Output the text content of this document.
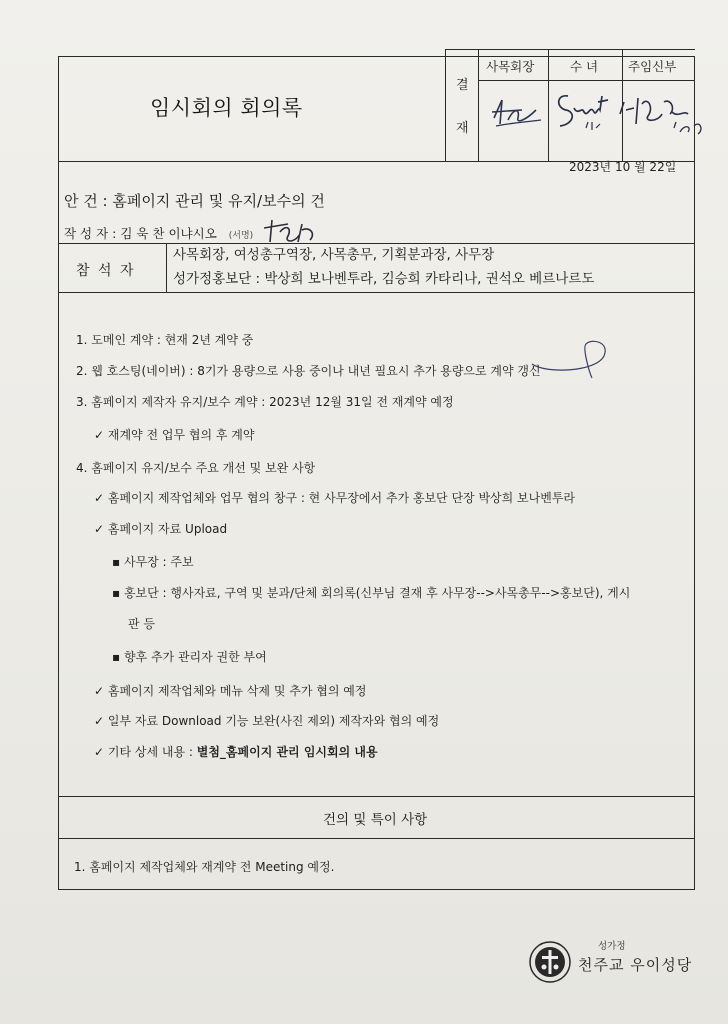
임시회의 회의록
결
재
사목회장	수 녀 주임신부
2023년 10 월 22일
안 건 : 홈페이지 관리 및 유지/보수의 건
작 성 자 : 김 욱 찬 이냐시오 (서명)
참 석 자
사목회장, 여성총구역장, 사목총무, 기획분과장, 사무장
성가정홍보단 : 박상희 보나벤투라, 김승희 카타리나, 권석오 베르나르도
1. 도메인 계약 : 현재 2년 계약 중
2. 웹 호스팅(네이버) : 8기가 용량으로 사용 중이나 내년 필요시 추가 용량으로 계약 갱신
3. 홈페이지 제작자 유지/보수 계약 : 2023년 12월 31일 전 재계약 예정
✓ 재계약 전 업무 협의 후 계약
4. 홈페이지 유지/보수 주요 개선 및 보완 사항
✓ 홈페이지 제작업체와 업무 협의 창구 : 현 사무장에서 추가 홍보단 단장 박상희 보나벤투라
✓ 홈페이지 자료 Upload
▪ 사무장 : 주보
▪ 홍보단 : 행사자료, 구역 및 분과/단체 회의록(신부님 결재 후 사무장-->사목총무-->홍보단), 게시
판 등
▪ 향후 추가 관리자 권한 부여
✓ 홈페이지 제작업체와 메뉴 삭제 및 추가 협의 예정
✓ 일부 자료 Download 기능 보완(사진 제외) 제작자와 협의 예정
✓ 기타 상세 내용 : 별첨_홈페이지 관리 임시회의 내용
건의 및 특이 사항
1. 홈페이지 제작업체와 재계약 전 Meeting 예정.
성가정
천주교 우이성당
